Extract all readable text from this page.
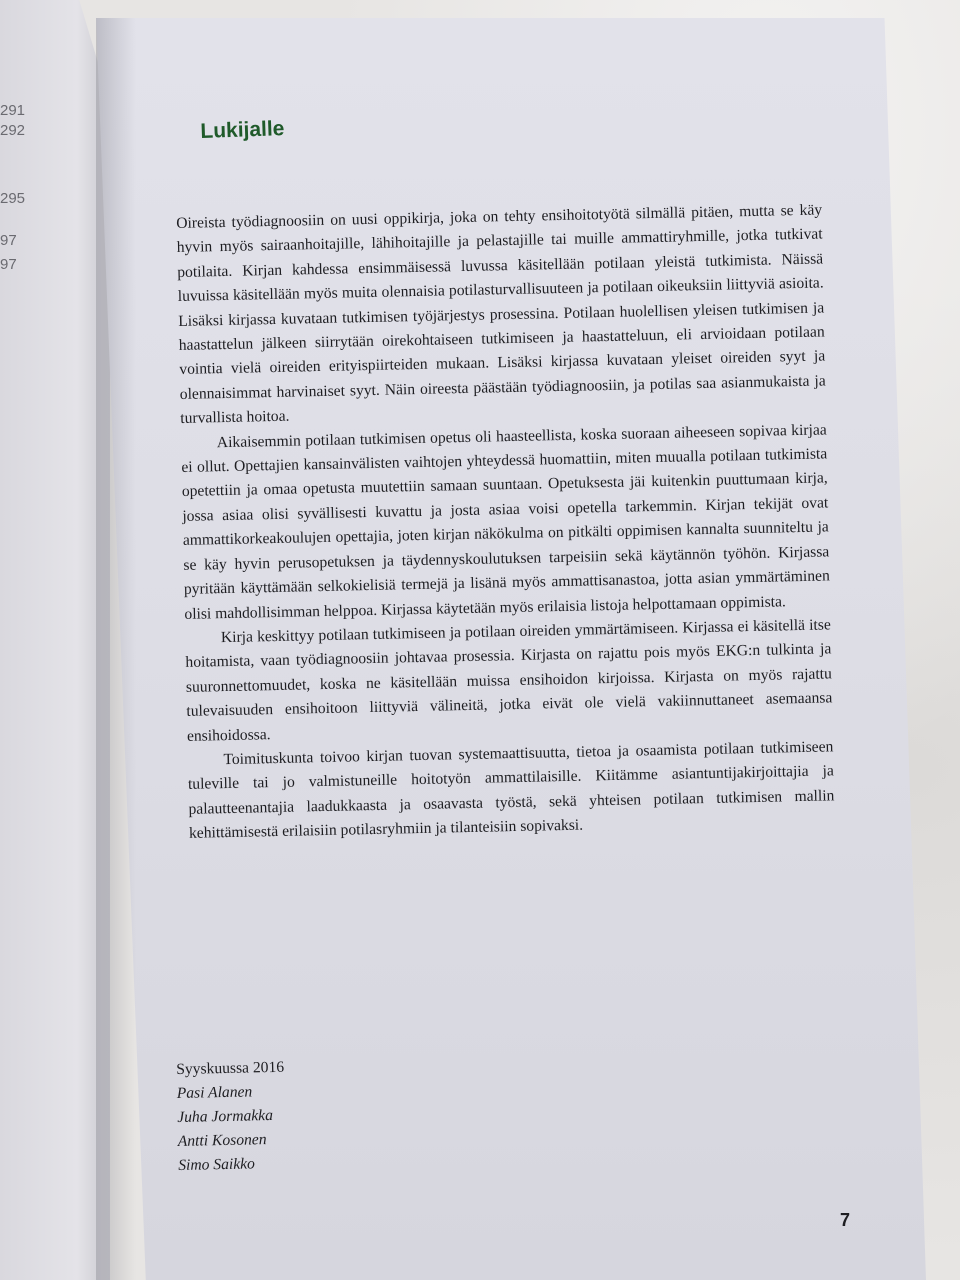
291
292
295
97
97
Lukijalle

Oireista työdiagnoosiin on uusi oppikirja, joka on tehty ensihoitotyötä silmällä pitäen, mutta se käy hyvin myös sairaanhoitajille, lähihoitajille ja pelastajille tai muille ammattiryhmille, jotka tutkivat potilaita. Kirjan kahdessa ensimmäisessä luvussa käsitellään potilaan yleistä tutkimista. Näissä luvuissa käsitellään myös muita olennaisia potilasturvallisuuteen ja potilaan oikeuksiin liittyviä asioita. Lisäksi kirjassa kuvataan tutkimisen työjärjestys prosessina. Potilaan huolellisen yleisen tutkimisen ja haastattelun jälkeen siirrytään oirekohtaiseen tutkimiseen ja haastatteluun, eli arvioidaan potilaan vointia vielä oireiden erityispiirteiden mukaan. Lisäksi kirjassa kuvataan yleiset oireiden syyt ja olennaisimmat harvinaiset syyt. Näin oireesta päästään työdiagnoosiin, ja potilas saa asianmukaista ja turvallista hoitoa.

Aikaisemmin potilaan tutkimisen opetus oli haasteellista, koska suoraan aiheeseen sopivaa kirjaa ei ollut. Opettajien kansainvälisten vaihtojen yhteydessä huomattiin, miten muualla potilaan tutkimista opetettiin ja omaa opetusta muutettiin samaan suuntaan. Opetuksesta jäi kuitenkin puuttumaan kirja, jossa asiaa olisi syvällisesti kuvattu ja josta asiaa voisi opetella tarkemmin. Kirjan tekijät ovat ammattikorkeakoulujen opettajia, joten kirjan näkökulma on pitkälti oppimisen kannalta suunniteltu ja se käy hyvin perusopetuksen ja täydennyskoulutuksen tarpeisiin sekä käytännön työhön. Kirjassa pyritään käyttämään selkokielisiä termejä ja lisänä myös ammattisanastoa, jotta asian ymmärtäminen olisi mahdollisimman helppoa. Kirjassa käytetään myös erilaisia listoja helpottamaan oppimista.

Kirja keskittyy potilaan tutkimiseen ja potilaan oireiden ymmärtämiseen. Kirjassa ei käsitellä itse hoitamista, vaan työdiagnoosiin johtavaa prosessia. Kirjasta on rajattu pois myös EKG:n tulkinta ja suuronnettomuudet, koska ne käsitellään muissa ensihoidon kirjoissa. Kirjasta on myös rajattu tulevaisuuden ensihoitoon liittyviä välineitä, jotka eivät ole vielä vakiinnuttaneet asemaansa ensihoidossa.

Toimituskunta toivoo kirjan tuovan systemaattisuutta, tietoa ja osaamista potilaan tutkimiseen tuleville tai jo valmistuneille hoitotyön ammattilaisille. Kiitämme asiantuntijakirjoittajia ja palautteenantajia laadukkaasta ja osaavasta työstä, sekä yhteisen potilaan tutkimisen mallin kehittämisestä erilaisiin potilasryhmiin ja tilanteisiin sopivaksi.

Syyskuussa 2016
Pasi Alanen
Juha Jormakka
Antti Kosonen
Simo Saikko
7
